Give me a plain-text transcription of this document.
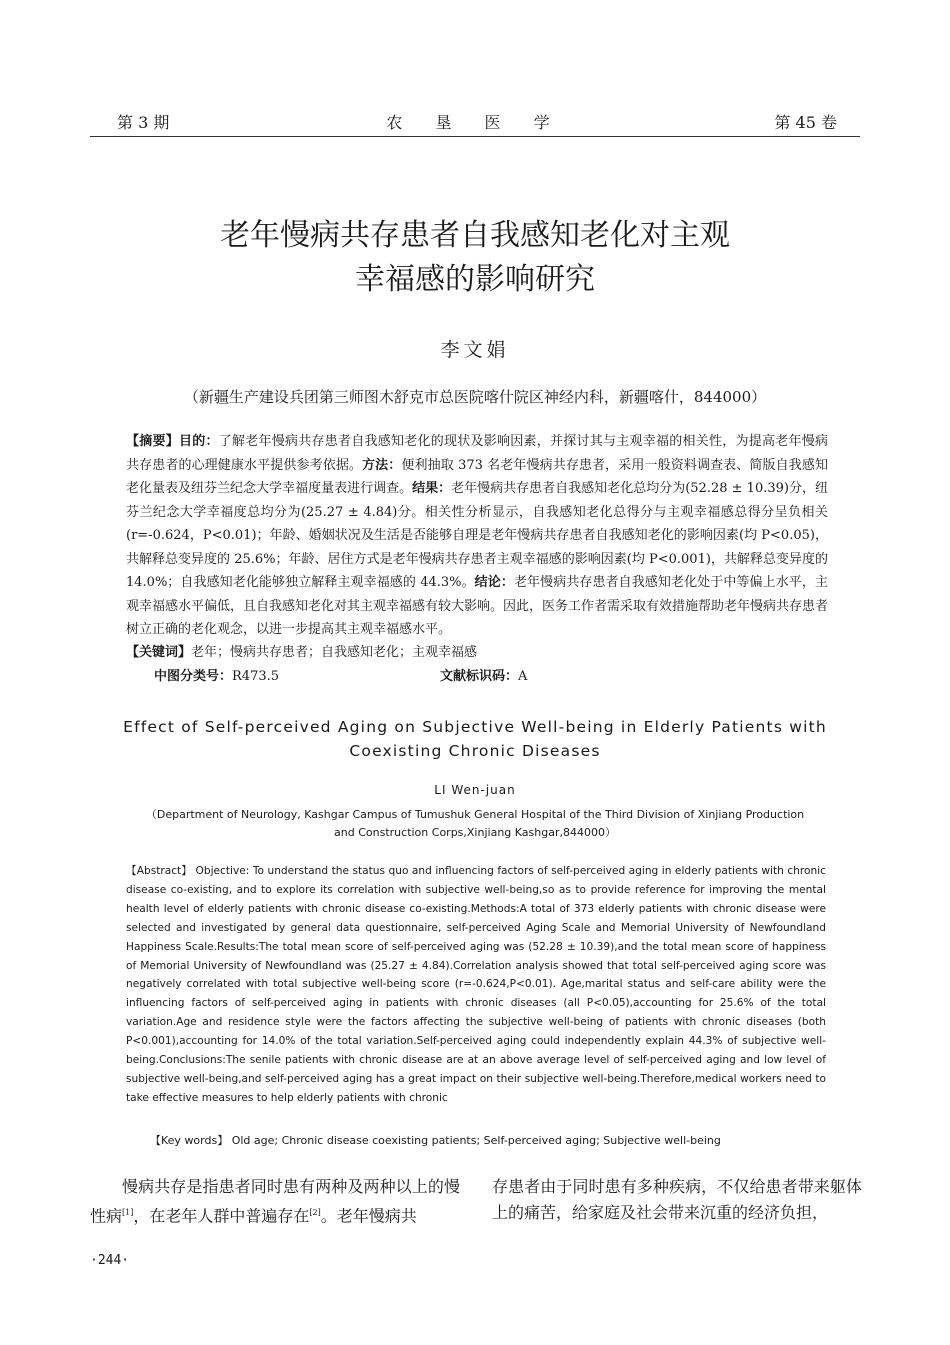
第 3 期	农 垦 医 学	第 45 卷
老年慢病共存患者自我感知老化对主观
幸福感的影响研究
李文娟
（新疆生产建设兵团第三师图木舒克市总医院喀什院区神经内科，新疆喀什，844000）
【摘要】目的：了解老年慢病共存患者自我感知老化的现状及影响因素，并探讨其与主观幸福的相关性，为提高老年慢病共存患者的心理健康水平提供参考依据。方法：便利抽取 373 名老年慢病共存患者，采用一般资料调查表、简版自我感知老化量表及纽芬兰纪念大学幸福度量表进行调查。结果：老年慢病共存患者自我感知老化总均分为(52.28 ± 10.39)分，纽芬兰纪念大学幸福度总均分为(25.27 ± 4.84)分。相关性分析显示，自我感知老化总得分与主观幸福感总得分呈负相关(r=-0.624，P<0.01)；年龄、婚姻状况及生活是否能够自理是老年慢病共存患者自我感知老化的影响因素(均 P<0.05)，共解释总变异度的 25.6%；年龄、居住方式是老年慢病共存患者主观幸福感的影响因素(均 P<0.001)，共解释总变异度的 14.0%；自我感知老化能够独立解释主观幸福感的 44.3%。结论：老年慢病共存患者自我感知老化处于中等偏上水平，主观幸福感水平偏低，且自我感知老化对其主观幸福感有较大影响。因此，医务工作者需采取有效措施帮助老年慢病共存患者树立正确的老化观念，以进一步提高其主观幸福感水平。
【关键词】老年；慢病共存患者；自我感知老化；主观幸福感
中图分类号：R473.5	文献标识码：A
Effect of Self-perceived Aging on Subjective Well-being in Elderly Patients with
Coexisting Chronic Diseases
LI Wen-juan
（Department of Neurology, Kashgar Campus of Tumushuk General Hospital of the Third Division of Xinjiang Production and Construction Corps,Xinjiang Kashgar,844000）
【Abstract】 Objective: To understand the status quo and influencing factors of self-perceived aging in elderly patients with chronic disease co-existing, and to explore its correlation with subjective well-being,so as to provide reference for improving the mental health level of elderly patients with chronic disease co-existing.Methods:A total of 373 elderly patients with chronic disease were selected and investigated by general data questionnaire, self-perceived Aging Scale and Memorial University of Newfoundland Happiness Scale.Results:The total mean score of self-perceived aging was (52.28 ± 10.39),and the total mean score of happiness of Memorial University of Newfoundland was (25.27 ± 4.84).Correlation analysis showed that total self-perceived aging score was negatively correlated with total subjective well-being score (r=-0.624,P<0.01). Age,marital status and self-care ability were the influencing factors of self-perceived aging in patients with chronic diseases (all P<0.05),accounting for 25.6% of the total variation.Age and residence style were the factors affecting the subjective well-being of patients with chronic diseases (both P<0.001),accounting for 14.0% of the total variation.Self-perceived aging could independently explain 44.3% of subjective well-being.Conclusions:The senile patients with chronic disease are at an above average level of self-perceived aging and low level of subjective well-being,and self-perceived aging has a great impact on their subjective well-being.Therefore,medical workers need to take effective measures to help elderly patients with chronic
【Key words】 Old age; Chronic disease coexisting patients; Self-perceived aging; Subjective well-being
慢病共存是指患者同时患有两种及两种以上的慢性病[1]，在老年人群中普遍存在[2]。老年慢病共
存患者由于同时患有多种疾病，不仅给患者带来躯体上的痛苦，给家庭及社会带来沉重的经济负担，
·244·
